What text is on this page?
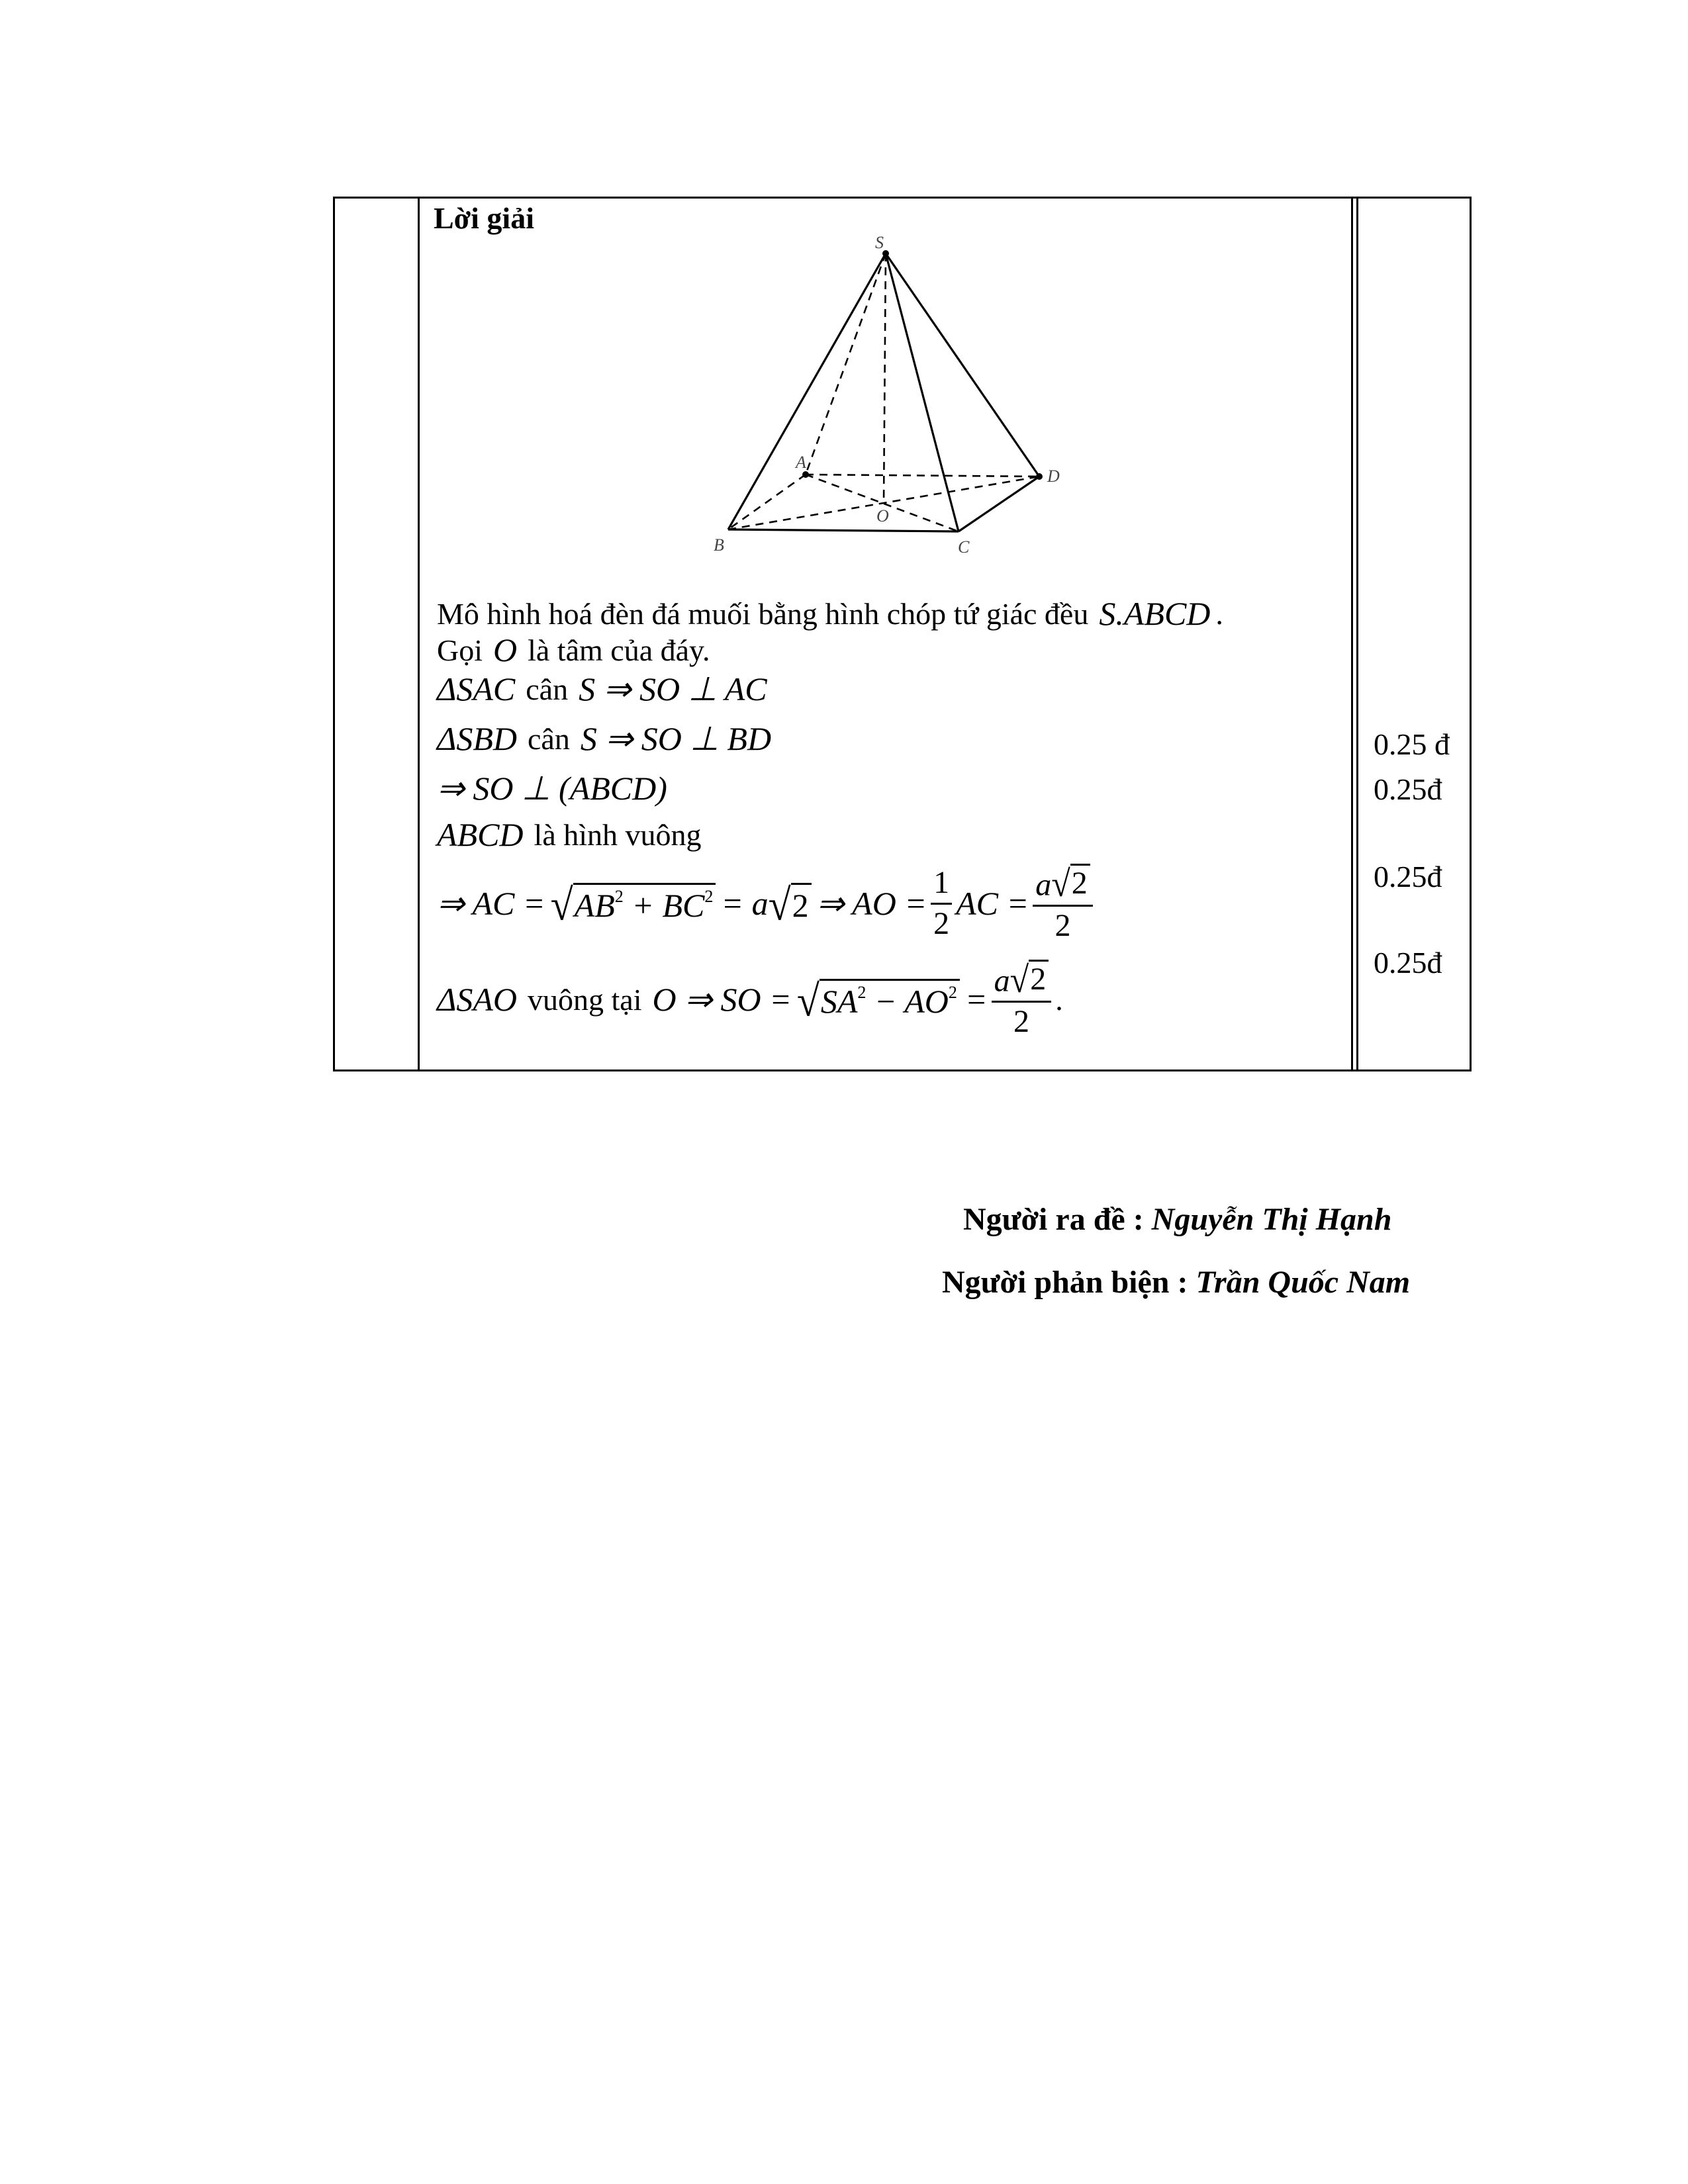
Lời giải
S
A
D
O
B	C
Mô hình hoá đèn đá muối bằng hình chóp tứ giác đều S.ABCD .
Gọi O là tâm của đáy.
ΔSAC cân S ⇒ SO ⊥ AC
ΔSBD cân S ⇒ SO ⊥ BD
⇒ SO ⊥ (ABCD)
ABCD là hình vuông
⇒ AC = √ $AB^2 + BC^2 = a$ √ 2 ⇒ AO = $\frac{1}{2}$ AC = $\frac{a √ 2}{2}$
ΔSAO vuông tại O ⇒ SO = √ $SA^2 - AO^2 = \frac{a √ 2}{2}$ .
0.25 đ
0.25đ
0.25đ
0.25đ
Người ra đề : Nguyễn Thị Hạnh
Người phản biện : Trần Quốc Nam
